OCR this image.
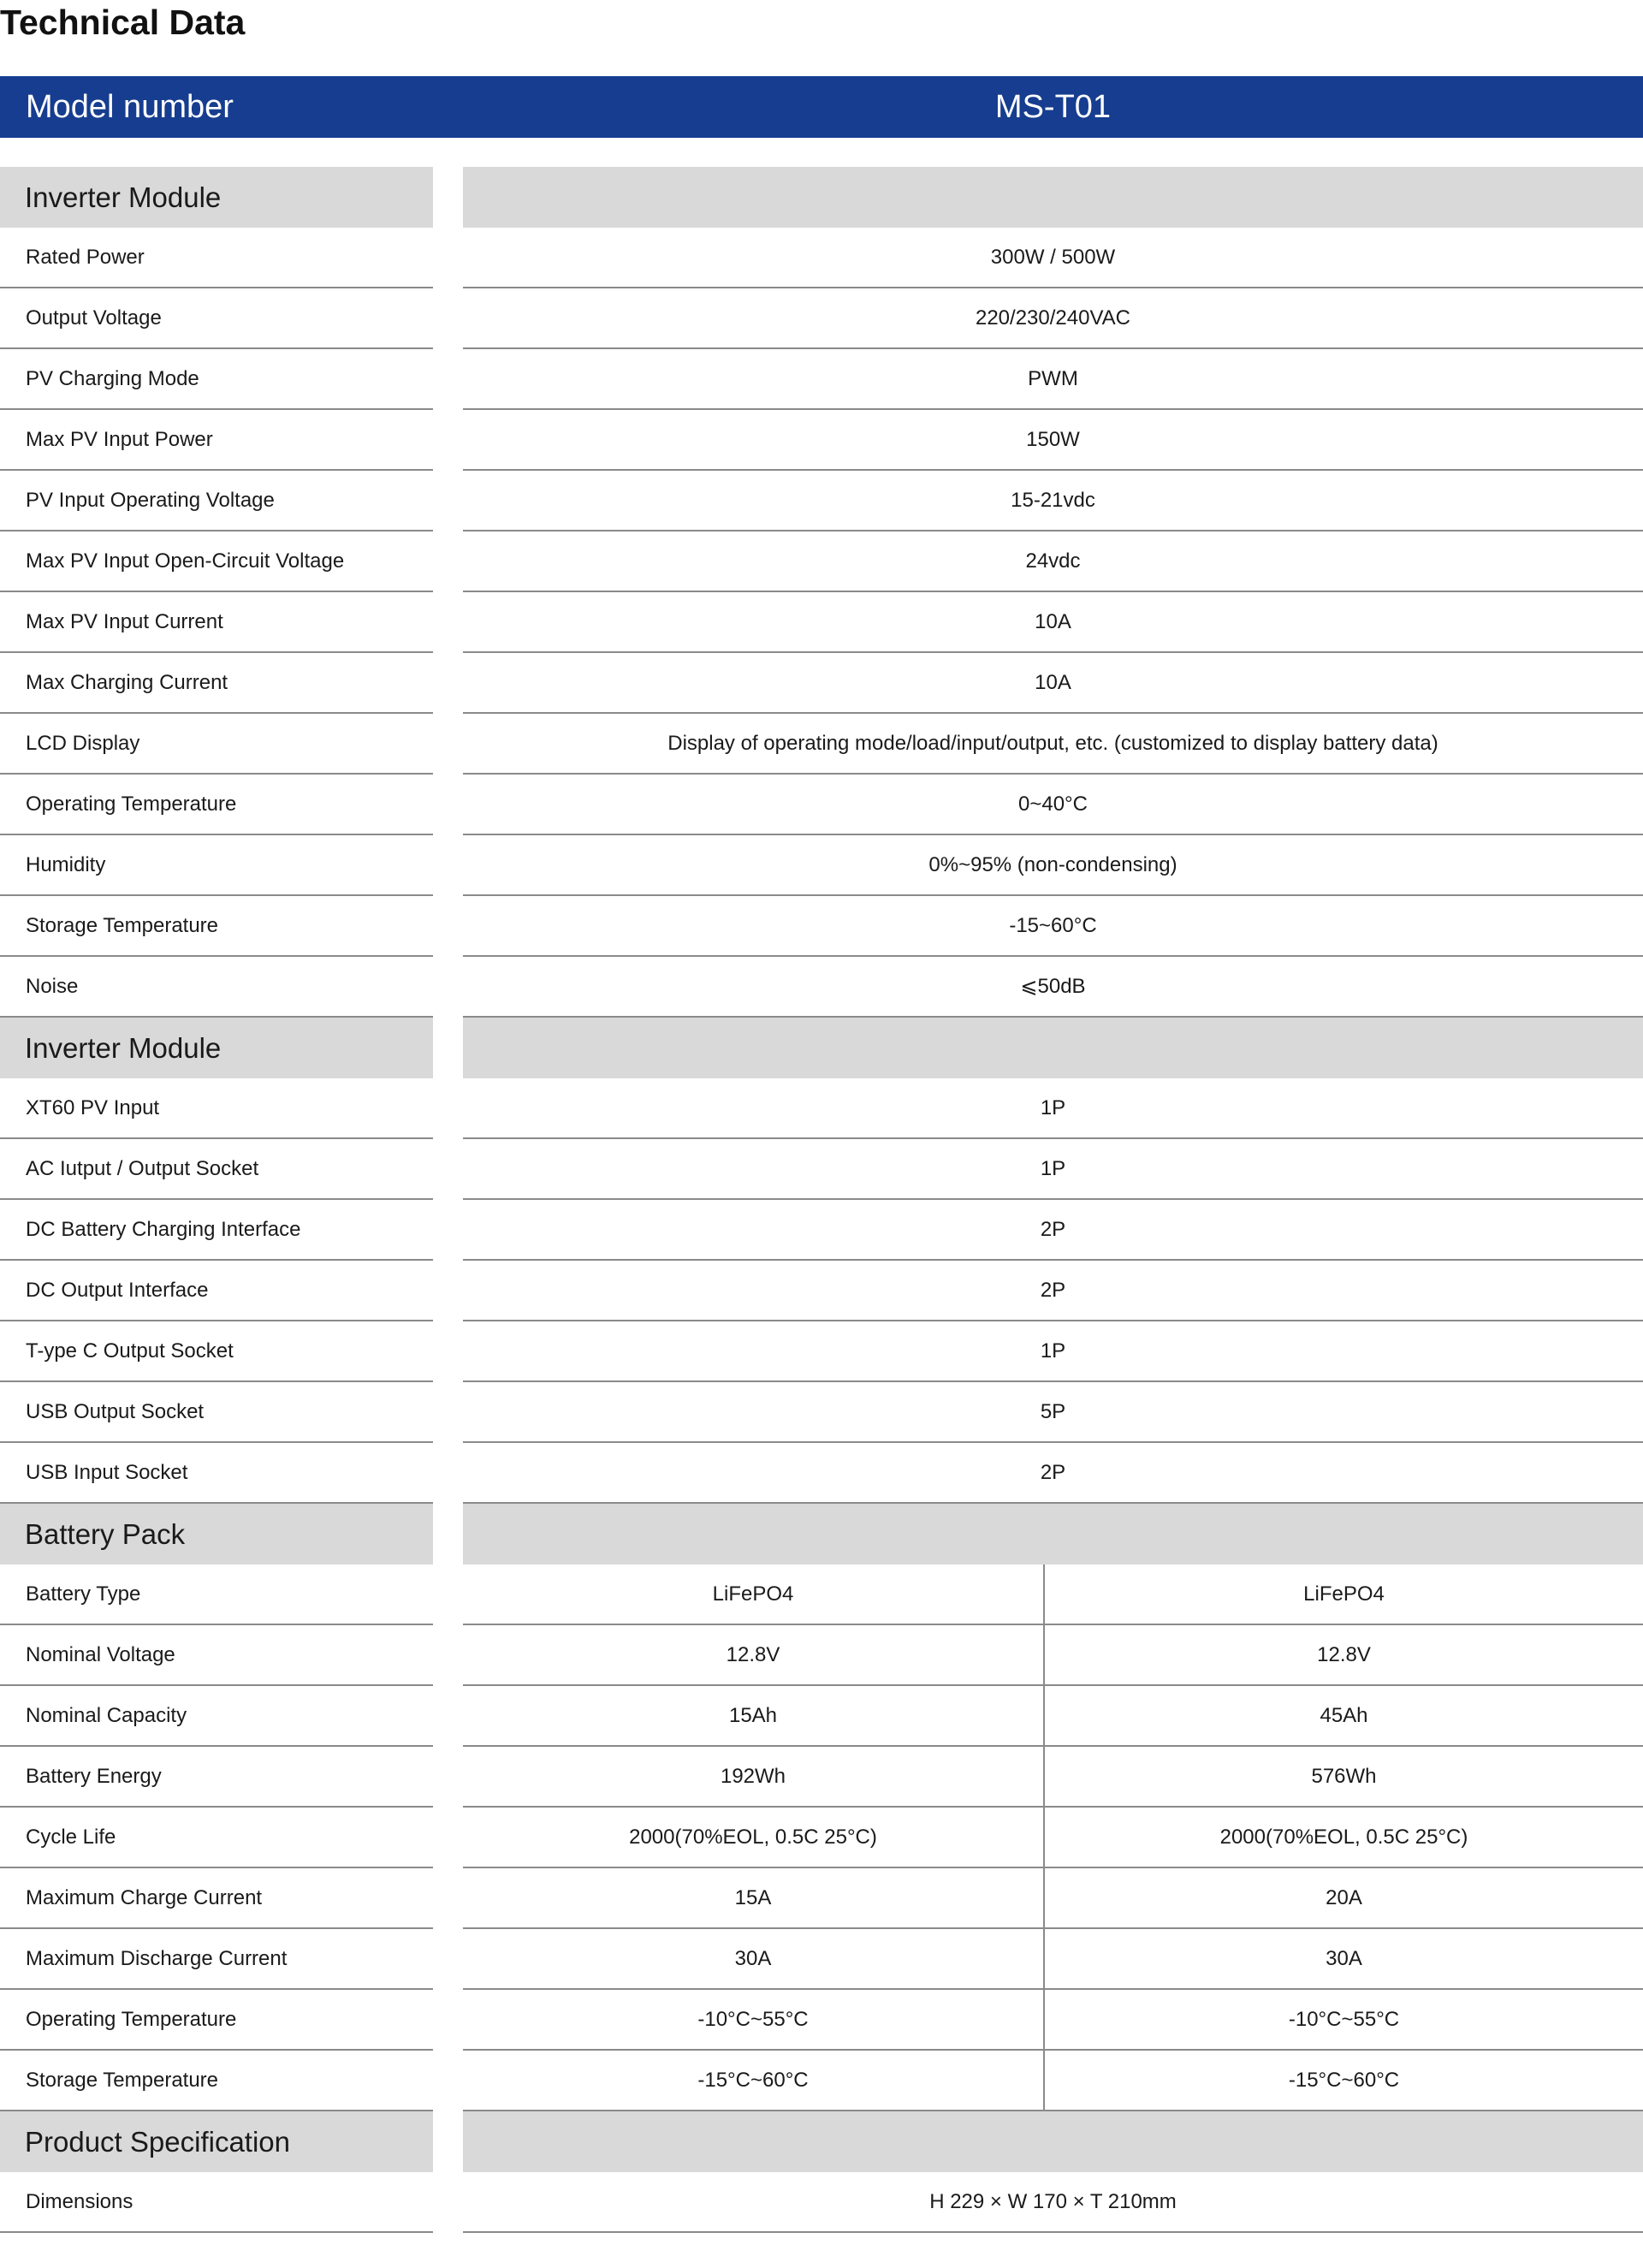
Technical Data
Model number	MS-T01
Inverter Module
Rated Power	300W / 500W
Output Voltage	220/230/240VAC
PV Charging Mode	PWM
Max PV Input Power	150W
PV Input Operating Voltage	15-21vdc
Max PV Input Open-Circuit Voltage	24vdc
Max PV Input Current	10A
Max Charging Current	10A
LCD Display	Display of operating mode/load/input/output, etc. (customized to display battery data)
Operating Temperature	0~40°C
Humidity	0%~95% (non-condensing)
Storage Temperature	-15~60°C
Noise	⩽50dB
Inverter Module
XT60 PV Input	1P
AC Iutput / Output Socket	1P
DC Battery Charging Interface	2P
DC Output Interface	2P
T-ype C Output Socket	1P
USB Output Socket	5P
USB Input Socket	2P
Battery Pack
Battery Type	LiFePO4	LiFePO4
Nominal Voltage	12.8V	12.8V
Nominal Capacity	15Ah	45Ah
Battery Energy	192Wh	576Wh
Cycle Life	2000(70%EOL, 0.5C 25°C)	2000(70%EOL, 0.5C 25°C)
Maximum Charge Current	15A	20A
Maximum Discharge Current	30A	30A
Operating Temperature	-10°C~55°C	-10°C~55°C
Storage Temperature	-15°C~60°C	-15°C~60°C
Product Specification
Dimensions	H 229 × W 170 × T 210mm
